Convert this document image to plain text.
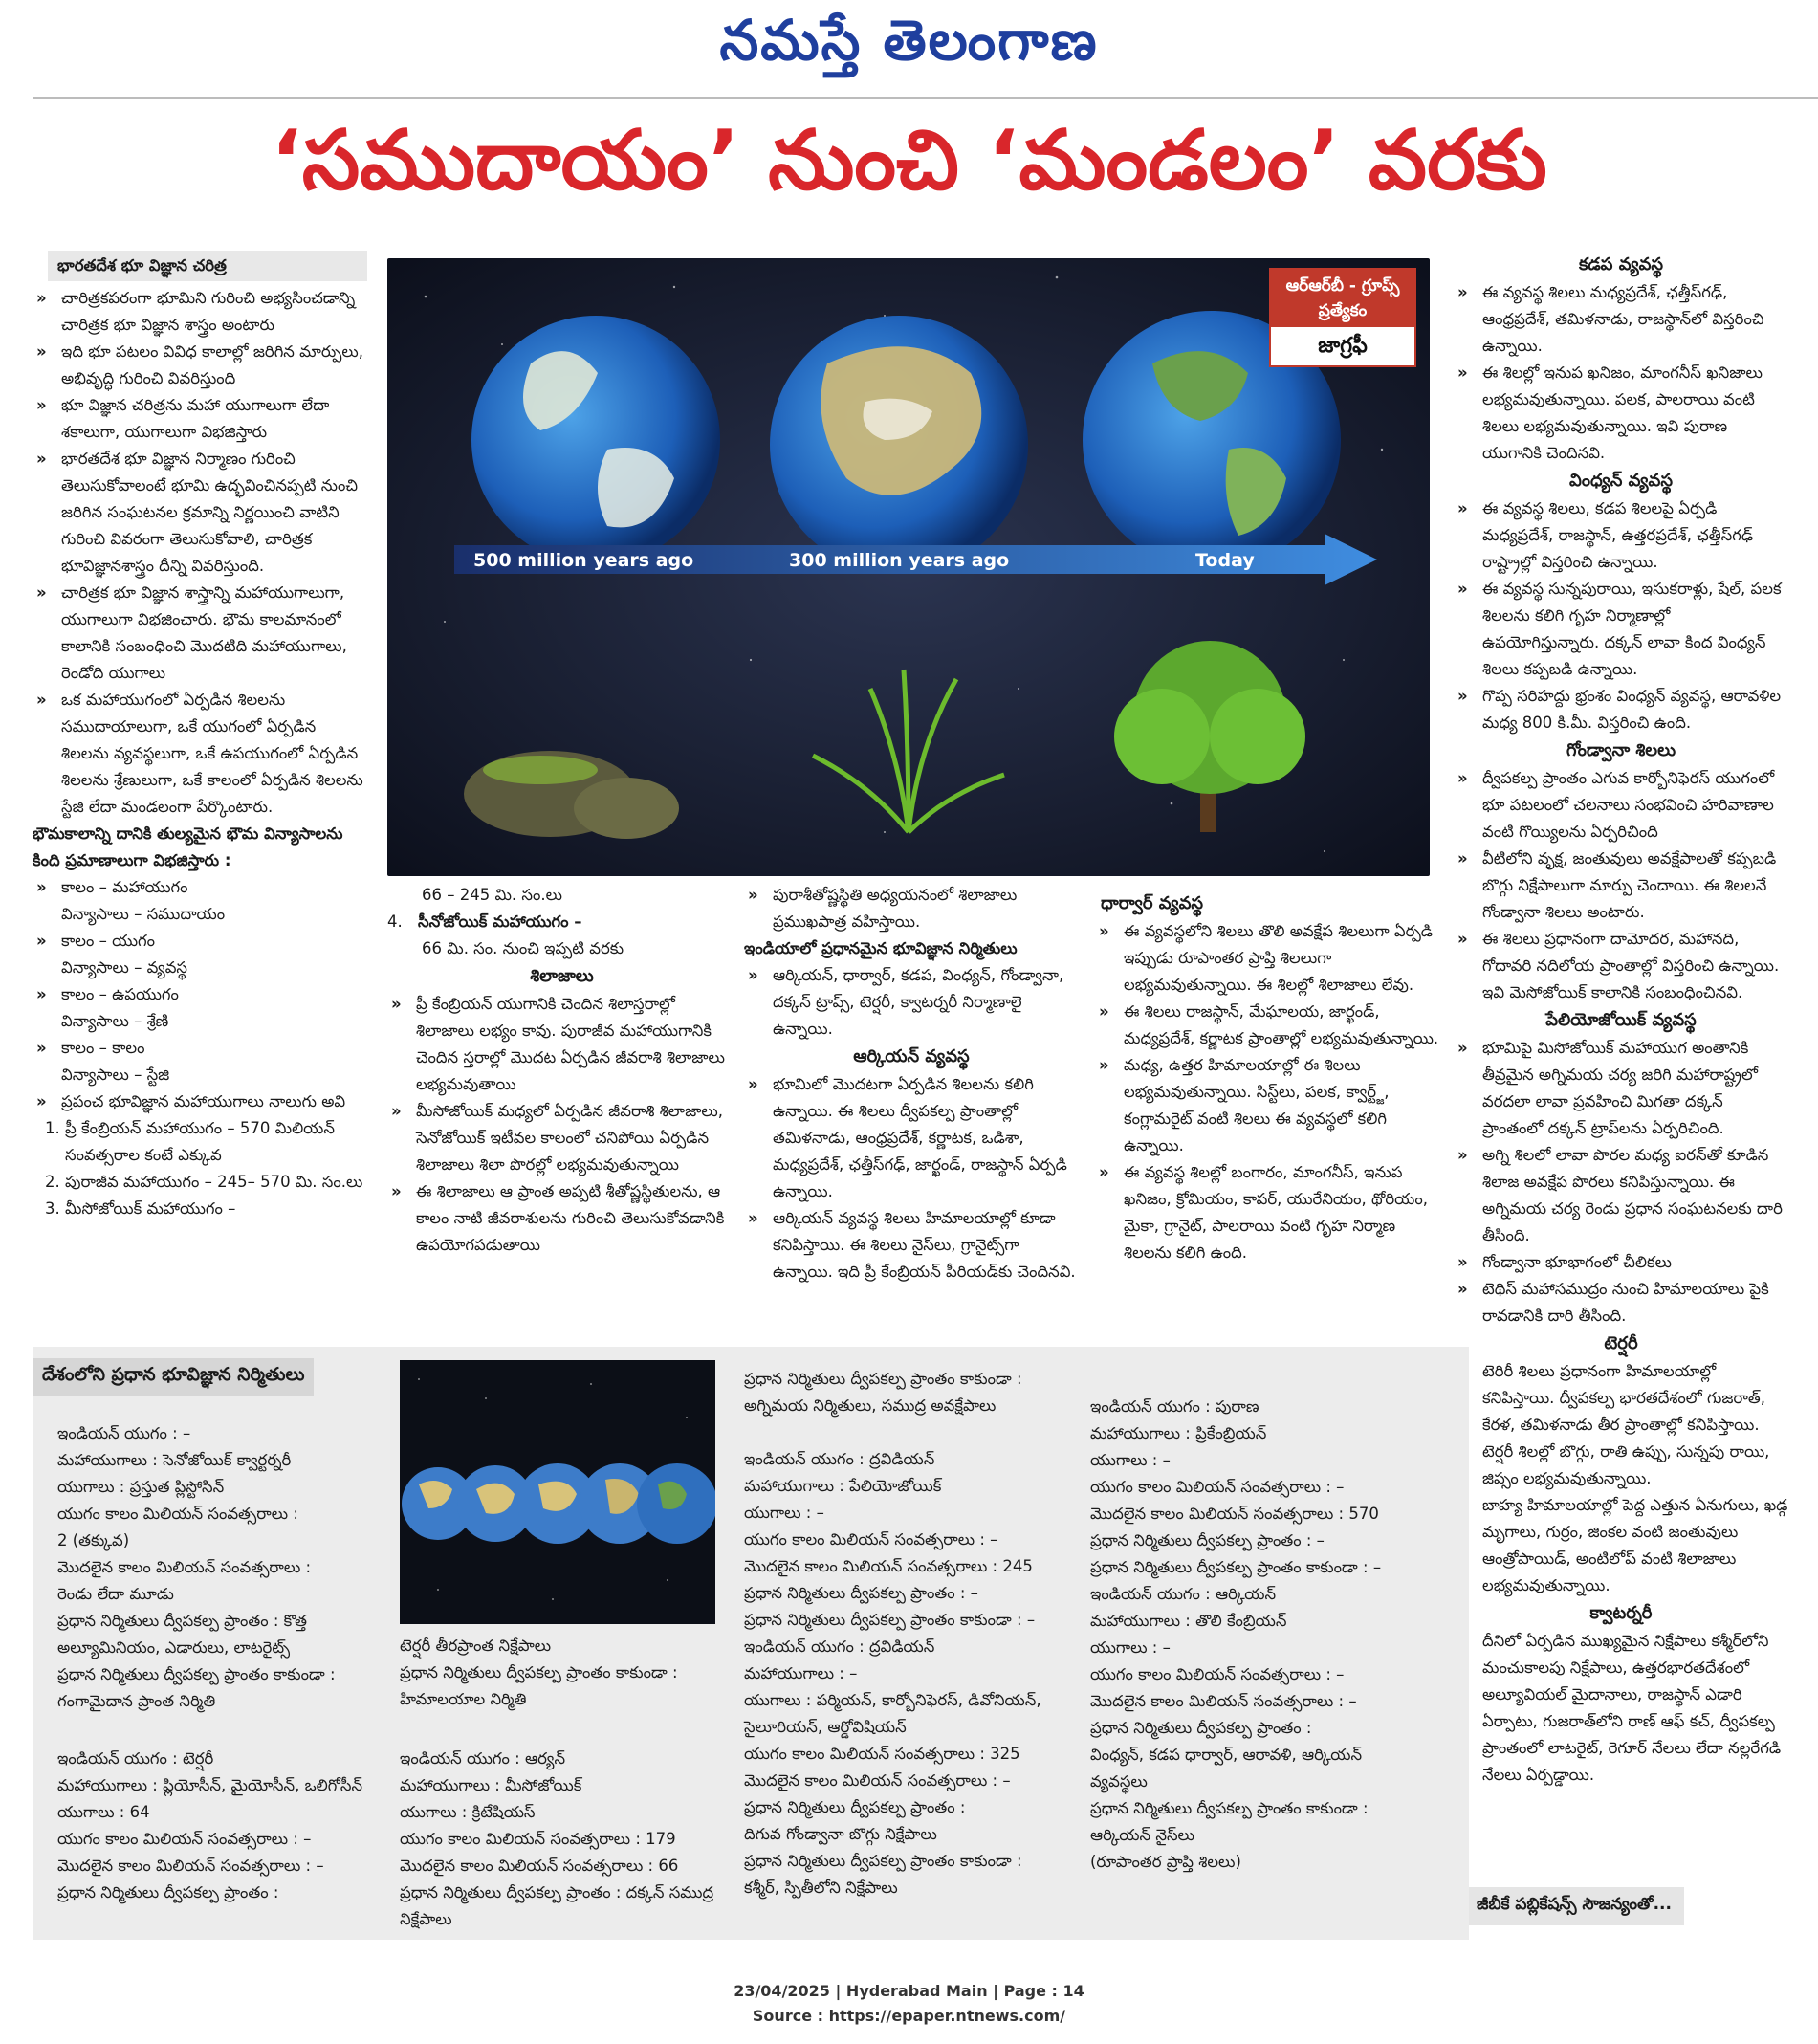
నమస్తే తెలంగాణ
‘సముదాయం’ నుంచి ‘మండలం’ వరకు
భారతదేశ భూ విజ్ఞాన చరిత్ర
» చారిత్రకపరంగా భూమిని గురించి అభ్యసించడాన్ని చారిత్రక భూ విజ్ఞాన శాస్త్రం అంటారు
» ఇది భూ పటలం వివిధ కాలాల్లో జరిగిన మార్పులు, అభివృద్ధి గురించి వివరిస్తుంది
» భూ విజ్ఞాన చరిత్రను మహా యుగాలుగా లేదా శకాలుగా, యుగాలుగా విభజిస్తారు
» భారతదేశ భూ విజ్ఞాన నిర్మాణం గురించి తెలుసుకోవాలంటే భూమి ఉద్భవించినప్పటి నుంచి జరిగిన సంఘటనల క్రమాన్ని నిర్ణయించి వాటిని గురించి వివరంగా తెలుసుకోవాలి, చారిత్రక భూవిజ్ఞానశాస్త్రం దీన్ని వివరిస్తుంది.
» చారిత్రక భూ విజ్ఞాన శాస్త్రాన్ని మహాయుగాలుగా, యుగాలుగా విభజించారు. భౌమ కాలమానంలో కాలానికి సంబంధించి మొదటిది మహాయుగాలు, రెండోది యుగాలు
» ఒక మహాయుగంలో ఏర్పడిన శిలలను సముదాయాలుగా, ఒకే యుగంలో ఏర్పడిన శిలలను వ్యవస్థలుగా, ఒకే ఉపయుగంలో ఏర్పడిన శిలలను శ్రేణులుగా, ఒకే కాలంలో ఏర్పడిన శిలలను స్టేజి లేదా మండలంగా పేర్కొంటారు.

భౌమకాలాన్ని దానికి తుల్యమైన భౌమ విన్యాసాలను కింది ప్రమాణాలుగా విభజిస్తారు :

» కాలం – మహాయుగం
విన్యాసాలు – సముదాయం
» కాలం – యుగం
విన్యాసాలు – వ్యవస్థ
» కాలం – ఉపయుగం
విన్యాసాలు – శ్రేణి
» కాలం – కాలం
విన్యాసాలు – స్టేజి
» ప్రపంచ భూవిజ్ఞాన మహాయుగాలు నాలుగు అవి
1. ప్రీ కేంబ్రియన్ మహాయుగం – 570 మిలియన్ సంవత్సరాల కంటే ఎక్కువ
2. పురాజీవ మహాయుగం – 245– 570 మి. సం.లు
3. మీసోజోయిక్ మహాయుగం –
500 million years ago	300 million years ago	Today
ఆర్ఆర్‌బీ - గ్రూప్స్ ప్రత్యేకం
జాగ్రఫీ

66 – 245 మి. సం.లు

4. సీనోజోయిక్ మహాయుగం –

66 మి. సం. నుంచి ఇప్పటి వరకు

శిలాజాలు

» ప్రీ కేంబ్రియన్ యుగానికి చెందిన శిలాస్తరాల్లో శిలాజాలు లభ్యం కావు. పురాజీవ మహాయుగానికి చెందిన స్తరాల్లో మొదట ఏర్పడిన జీవరాశి శిలాజాలు లభ్యమవుతాయి
» మీసోజోయిక్ మధ్యలో ఏర్పడిన జీవరాశి శిలాజాలు, సెనోజోయిక్ ఇటీవల కాలంలో చనిపోయి ఏర్పడిన శిలాజాలు శిలా పొరల్లో లభ్యమవుతున్నాయి
» ఈ శిలాజాలు ఆ ప్రాంత అప్పటి శీతోష్ణస్థితులను, ఆ కాలం నాటి జీవరాశులను గురించి తెలుసుకోవడానికి ఉపయోగపడుతాయి
» పురాశీతోష్ణస్థితి అధ్యయనంలో శిలాజాలు ప్రముఖపాత్ర వహిస్తాయి.

ఇండియాలో ప్రధానమైన భూవిజ్ఞాన నిర్మితులు

» ఆర్కియన్, ధార్వార్, కడప, వింధ్యన్, గోండ్వానా, దక్కన్ ట్రాప్స్, టెర్షరీ, క్వాటర్నరీ నిర్మాణాలై ఉన్నాయి.

ఆర్కియన్ వ్యవస్థ

» భూమిలో మొదటగా ఏర్పడిన శిలలను కలిగి ఉన్నాయి. ఈ శిలలు ద్వీపకల్ప ప్రాంతాల్లో తమిళనాడు, ఆంధ్రప్రదేశ్, కర్ణాటక, ఒడిశా, మధ్యప్రదేశ్, ఛత్తీస్‌గఢ్, జార్ఖండ్, రాజస్థాన్ ఏర్పడి ఉన్నాయి.
» ఆర్కియన్ వ్యవస్థ శిలలు హిమాలయాల్లో కూడా కనిపిస్తాయి. ఈ శిలలు నైస్‌లు, గ్రానైట్స్‌గా ఉన్నాయి. ఇది ప్రీ కేంబ్రియన్ పీరియడ్‌కు చెందినవి.

ధార్వార్ వ్యవస్థ

» ఈ వ్యవస్థలోని శిలలు తొలి అవక్షేప శిలలుగా ఏర్పడి ఇప్పుడు రూపాంతర ప్రాప్తి శిలలుగా లభ్యమవుతున్నాయి. ఈ శిలల్లో శిలాజాలు లేవు.
» ఈ శిలలు రాజస్థాన్, మేఘాలయ, జార్ఖండ్, మధ్యప్రదేశ్, కర్ణాటక ప్రాంతాల్లో లభ్యమవుతున్నాయి.
» మధ్య, ఉత్తర హిమాలయాల్లో ఈ శిలలు లభ్యమవుతున్నాయి. సిస్ట్‌లు, పలక, క్వార్ట్జ్, కంగ్లామరైట్ వంటి శిలలు ఈ వ్యవస్థలో కలిగి ఉన్నాయి.
» ఈ వ్యవస్థ శిలల్లో బంగారం, మాంగనీస్, ఇనుప ఖనిజం, క్రోమియం, కాపర్, యురేనియం, థోరియం, మైకా, గ్రానైట్, పాలరాయి వంటి గృహ నిర్మాణ శిలలను కలిగి ఉంది.

కడప వ్యవస్థ

» ఈ వ్యవస్థ శిలలు మధ్యప్రదేశ్, ఛత్తీస్‌గఢ్, ఆంధ్రప్రదేశ్, తమిళనాడు, రాజస్థాన్‌లో విస్తరించి ఉన్నాయి.
» ఈ శిలల్లో ఇనుప ఖనిజం, మాంగనీస్ ఖనిజాలు లభ్యమవుతున్నాయి. పలక, పాలరాయి వంటి శిలలు లభ్యమవుతున్నాయి. ఇవి పురాణ యుగానికి చెందినవి.

వింధ్యన్ వ్యవస్థ

» ఈ వ్యవస్థ శిలలు, కడప శిలలపై ఏర్పడి మధ్యప్రదేశ్, రాజస్థాన్, ఉత్తరప్రదేశ్, ఛత్తీస్‌గఢ్ రాష్ట్రాల్లో విస్తరించి ఉన్నాయి.
» ఈ వ్యవస్థ సున్నపురాయి, ఇసుకరాళ్లు, షేల్, పలక శిలలను కలిగి గృహ నిర్మాణాల్లో ఉపయోగిస్తున్నారు. దక్కన్ లావా కింద వింధ్యన్ శిలలు కప్పబడి ఉన్నాయి.
» గొప్ప సరిహద్దు భ్రంశం వింధ్యన్ వ్యవస్థ, ఆరావళిల మధ్య 800 కి.మీ. విస్తరించి ఉంది.

గోండ్వానా శిలలు

» ద్వీపకల్ప ప్రాంతం ఎగువ కార్బోనిఫెరస్ యుగంలో భూ పటలంలో చలనాలు సంభవించి హరివాణాల వంటి గొయ్యిలను ఏర్పరిచింది
» వీటిలోని వృక్ష, జంతువులు అవక్షేపాలతో కప్పబడి బొగ్గు నిక్షేపాలుగా మార్పు చెందాయి. ఈ శిలలనే గోండ్వానా శిలలు అంటారు.
» ఈ శిలలు ప్రధానంగా దామోదర, మహానది, గోదావరి నదిలోయ ప్రాంతాల్లో విస్తరించి ఉన్నాయి. ఇవి మెసోజోయిక్ కాలానికి సంబంధించినవి.

పేలియోజోయిక్ వ్యవస్థ

» భూమిపై మిసోజోయిక్ మహాయుగ అంతానికి తీవ్రమైన అగ్నిమయ చర్య జరిగి మహారాష్ట్రలో వరదలా లావా ప్రవహించి మిగతా దక్కన్ ప్రాంతంలో దక్కన్ ట్రాప్‌లను ఏర్పరిచింది.
» అగ్ని శిలలో లావా పొరల మధ్య ఐరన్‌తో కూడిన శిలాజ అవక్షేప పొరలు కనిపిస్తున్నాయి. ఈ అగ్నిమయ చర్య రెండు ప్రధాన సంఘటనలకు దారి తీసింది.
» గోండ్వానా భూభాగంలో చీలికలు
» టెథిస్ మహాసముద్రం నుంచి హిమాలయాలు పైకి రావడానికి దారి తీసింది.

టెర్షరీ

» టెరిరీ శిలలు ప్రధానంగా హిమాలయాల్లో కనిపిస్తాయి. ద్వీపకల్ప భారతదేశంలో గుజరాత్, కేరళ, తమిళనాడు తీర ప్రాంతాల్లో కనిపిస్తాయి.
» టెర్షరీ శిలల్లో బొగ్గు, రాతి ఉప్పు, సున్నపు రాయి, జిప్సం లభ్యమవుతున్నాయి.
» బాహ్య హిమాలయాల్లో పెద్ద ఎత్తున ఏనుగులు, ఖడ్గ మృగాలు, గుర్రం, జింకల వంటి జంతువులు ఆంత్రోపాయిడ్, అంటిలోప్ వంటి శిలాజాలు లభ్యమవుతున్నాయి.

క్వాటర్నరీ

» దీనిలో ఏర్పడిన ముఖ్యమైన నిక్షేపాలు కశ్మీర్‌లోని మంచుకాలపు నిక్షేపాలు, ఉత్తరభారతదేశంలో అల్యూవియల్ మైదానాలు, రాజస్థాన్ ఎడారి ఏర్పాటు, గుజరాత్‌లోని రాణ్ ఆఫ్ కచ్, ద్వీపకల్ప ప్రాంతంలో లాటరైట్, రెగూర్ నేలలు లేదా నల్లరేగడి నేలలు ఏర్పడ్డాయి.
జీబీకే పబ్లికేషన్స్ సౌజన్యంతో...
దేశంలోని ప్రధాన భూవిజ్ఞాన నిర్మితులు

ఇండియన్ యుగం : –

మహాయుగాలు : సెనోజోయిక్ క్వార్టర్నరీ

యుగాలు : ప్రస్తుత ప్లిస్టోసిన్

యుగం కాలం మిలియన్ సంవత్సరాలు :

2 (తక్కువ)

మొదలైన కాలం మిలియన్ సంవత్సరాలు :

రెండు లేదా మూడు

ప్రధాన నిర్మితులు ద్వీపకల్ప ప్రాంతం : కొత్త అల్యూమినియం, ఎడారులు, లాటరైట్స్

ప్రధాన నిర్మితులు ద్వీపకల్ప ప్రాంతం కాకుండా :

గంగామైదాన ప్రాంత నిర్మితి

ఇండియన్ యుగం : టెర్షరీ

మహాయుగాలు : ప్లియోసీన్, మైయోసీన్, ఒలిగోసీన్

యుగాలు : 64

యుగం కాలం మిలియన్ సంవత్సరాలు : –

మొదలైన కాలం మిలియన్ సంవత్సరాలు : –

ప్రధాన నిర్మితులు ద్వీపకల్ప ప్రాంతం :

టెర్షరీ తీరప్రాంత నిక్షేపాలు

ప్రధాన నిర్మితులు ద్వీపకల్ప ప్రాంతం కాకుండా :

హిమాలయాల నిర్మితి

ఇండియన్ యుగం : ఆర్యన్

మహాయుగాలు : మీసోజోయిక్

యుగాలు : క్రిటేషియస్

యుగం కాలం మిలియన్ సంవత్సరాలు : 179

మొదలైన కాలం మిలియన్ సంవత్సరాలు : 66

ప్రధాన నిర్మితులు ద్వీపకల్ప ప్రాంతం : దక్కన్ సముద్ర నిక్షేపాలు

ప్రధాన నిర్మితులు ద్వీపకల్ప ప్రాంతం కాకుండా :

అగ్నిమయ నిర్మితులు, సముద్ర అవక్షేపాలు

ఇండియన్ యుగం : ద్రవిడియన్

మహాయుగాలు : పేలియోజోయిక్

యుగాలు : –

యుగం కాలం మిలియన్ సంవత్సరాలు : –

మొదలైన కాలం మిలియన్ సంవత్సరాలు : 245

ప్రధాన నిర్మితులు ద్వీపకల్ప ప్రాంతం : –

ప్రధాన నిర్మితులు ద్వీపకల్ప ప్రాంతం కాకుండా : –

ఇండియన్ యుగం : ద్రవిడియన్

మహాయుగాలు : –

యుగాలు : పర్మియన్, కార్బోనిఫెరస్, డివోనియన్, సైలూరియన్, ఆర్డోవిషియన్

యుగం కాలం మిలియన్ సంవత్సరాలు : 325

మొదలైన కాలం మిలియన్ సంవత్సరాలు : –

ప్రధాన నిర్మితులు ద్వీపకల్ప ప్రాంతం :

దిగువ గోండ్వానా బొగ్గు నిక్షేపాలు

ప్రధాన నిర్మితులు ద్వీపకల్ప ప్రాంతం కాకుండా :

కశ్మీర్, స్పితీలోని నిక్షేపాలు

ఇండియన్ యుగం : పురాణ

మహాయుగాలు : ప్రికేంబ్రియన్

యుగాలు : –

యుగం కాలం మిలియన్ సంవత్సరాలు : –

మొదలైన కాలం మిలియన్ సంవత్సరాలు : 570

ప్రధాన నిర్మితులు ద్వీపకల్ప ప్రాంతం : –

ప్రధాన నిర్మితులు ద్వీపకల్ప ప్రాంతం కాకుండా : –

ఇండియన్ యుగం : ఆర్కియన్

మహాయుగాలు : తొలి కేంబ్రియన్

యుగాలు : –

యుగం కాలం మిలియన్ సంవత్సరాలు : –

మొదలైన కాలం మిలియన్ సంవత్సరాలు : –

ప్రధాన నిర్మితులు ద్వీపకల్ప ప్రాంతం :

వింధ్యన్, కడప ధార్వార్, ఆరావళి, ఆర్కియన్ వ్యవస్థలు

ప్రధాన నిర్మితులు ద్వీపకల్ప ప్రాంతం కాకుండా :

ఆర్కియన్ నైస్‌లు

(రూపాంతర ప్రాప్తి శిలలు)

23/04/2025 | Hyderabad Main | Page : 14
Source : https://epaper.ntnews.com/
